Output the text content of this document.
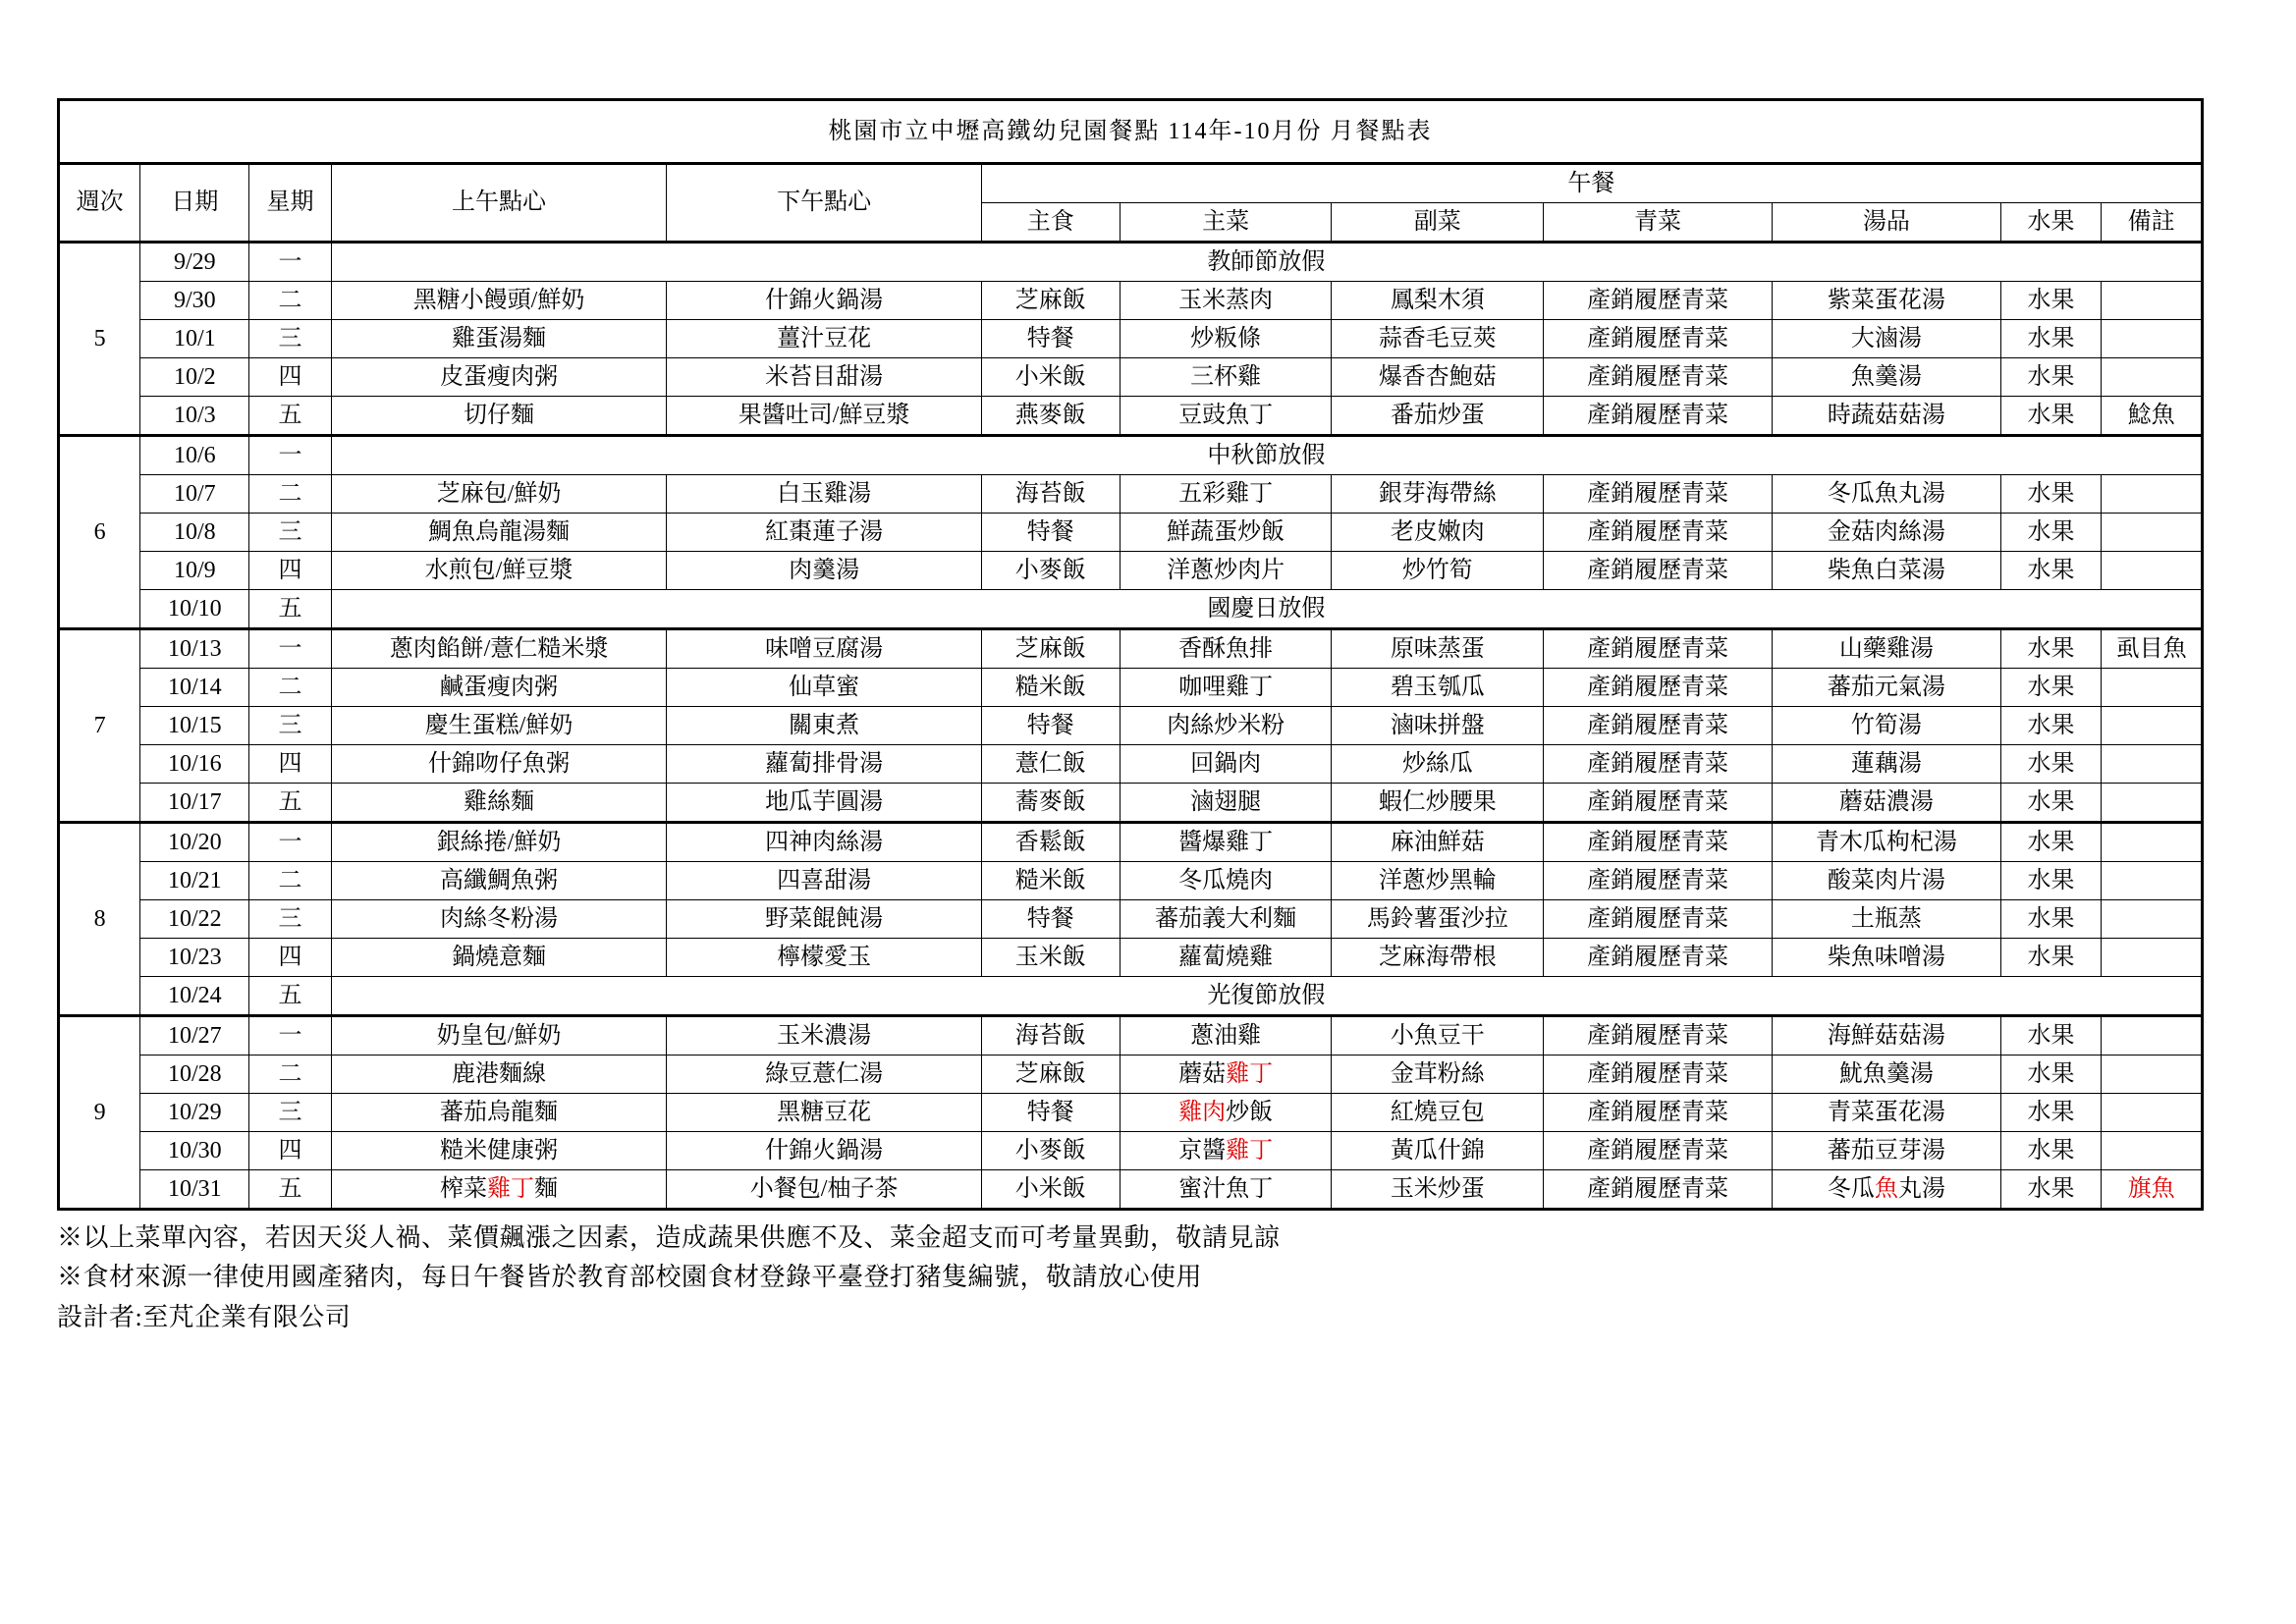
桃園市立中壢高鐵幼兒園餐點 114年-10月份 月餐點表											
週次	日期	星期	上午點心	下午點心	午餐						
					主食	主菜	副菜	青菜	湯品	水果	備註
5	9/29	一	教師節放假								
	9/30	二	黑糖小饅頭/鮮奶	什錦火鍋湯	芝麻飯	玉米蒸肉	鳳梨木須	產銷履歷青菜	紫菜蛋花湯	水果	
	10/1	三	雞蛋湯麵	薑汁豆花	特餐	炒粄條	蒜香毛豆莢	產銷履歷青菜	大滷湯	水果	
	10/2	四	皮蛋瘦肉粥	米苔目甜湯	小米飯	三杯雞	爆香杏鮑菇	產銷履歷青菜	魚羹湯	水果	
	10/3	五	切仔麵	果醬吐司/鮮豆漿	燕麥飯	豆豉魚丁	番茄炒蛋	產銷履歷青菜	時蔬菇菇湯	水果	鯰魚
6	10/6	一	中秋節放假								
	10/7	二	芝麻包/鮮奶	白玉雞湯	海苔飯	五彩雞丁	銀芽海帶絲	產銷履歷青菜	冬瓜魚丸湯	水果	
	10/8	三	鯛魚烏龍湯麵	紅棗蓮子湯	特餐	鮮蔬蛋炒飯	老皮嫩肉	產銷履歷青菜	金菇肉絲湯	水果	
	10/9	四	水煎包/鮮豆漿	肉羹湯	小麥飯	洋蔥炒肉片	炒竹筍	產銷履歷青菜	柴魚白菜湯	水果	
	10/10	五	國慶日放假								
7	10/13	一	蔥肉餡餅/薏仁糙米漿	味噌豆腐湯	芝麻飯	香酥魚排	原味蒸蛋	產銷履歷青菜	山藥雞湯	水果	虱目魚
	10/14	二	鹹蛋瘦肉粥	仙草蜜	糙米飯	咖哩雞丁	碧玉瓠瓜	產銷履歷青菜	蕃茄元氣湯	水果	
	10/15	三	慶生蛋糕/鮮奶	關東煮	特餐	肉絲炒米粉	滷味拼盤	產銷履歷青菜	竹筍湯	水果	
	10/16	四	什錦吻仔魚粥	蘿蔔排骨湯	薏仁飯	回鍋肉	炒絲瓜	產銷履歷青菜	蓮藕湯	水果	
	10/17	五	雞絲麵	地瓜芋圓湯	蕎麥飯	滷翅腿	蝦仁炒腰果	產銷履歷青菜	蘑菇濃湯	水果	
8	10/20	一	銀絲捲/鮮奶	四神肉絲湯	香鬆飯	醬爆雞丁	麻油鮮菇	產銷履歷青菜	青木瓜枸杞湯	水果	
	10/21	二	高纖鯛魚粥	四喜甜湯	糙米飯	冬瓜燒肉	洋蔥炒黑輪	產銷履歷青菜	酸菜肉片湯	水果	
	10/22	三	肉絲冬粉湯	野菜餛飩湯	特餐	蕃茄義大利麵	馬鈴薯蛋沙拉	產銷履歷青菜	土瓶蒸	水果	
	10/23	四	鍋燒意麵	檸檬愛玉	玉米飯	蘿蔔燒雞	芝麻海帶根	產銷履歷青菜	柴魚味噌湯	水果	
	10/24	五	光復節放假								
9	10/27	一	奶皇包/鮮奶	玉米濃湯	海苔飯	蔥油雞	小魚豆干	產銷履歷青菜	海鮮菇菇湯	水果	
	10/28	二	鹿港麵線	綠豆薏仁湯	芝麻飯	蘑菇雞丁	金茸粉絲	產銷履歷青菜	魷魚羹湯	水果	
	10/29	三	蕃茄烏龍麵	黑糖豆花	特餐	雞肉炒飯	紅燒豆包	產銷履歷青菜	青菜蛋花湯	水果	
	10/30	四	糙米健康粥	什錦火鍋湯	小麥飯	京醬雞丁	黃瓜什錦	產銷履歷青菜	蕃茄豆芽湯	水果	
	10/31	五	榨菜雞丁麵	小餐包/柚子茶	小米飯	蜜汁魚丁	玉米炒蛋	產銷履歷青菜	冬瓜魚丸湯	水果	旗魚
※以上菜單內容，若因天災人禍、菜價飆漲之因素，造成蔬果供應不及、菜金超支而可考量異動，敬請見諒
※食材來源一律使用國產豬肉，每日午餐皆於教育部校園食材登錄平臺登打豬隻編號，敬請放心使用
設計者:至芃企業有限公司
